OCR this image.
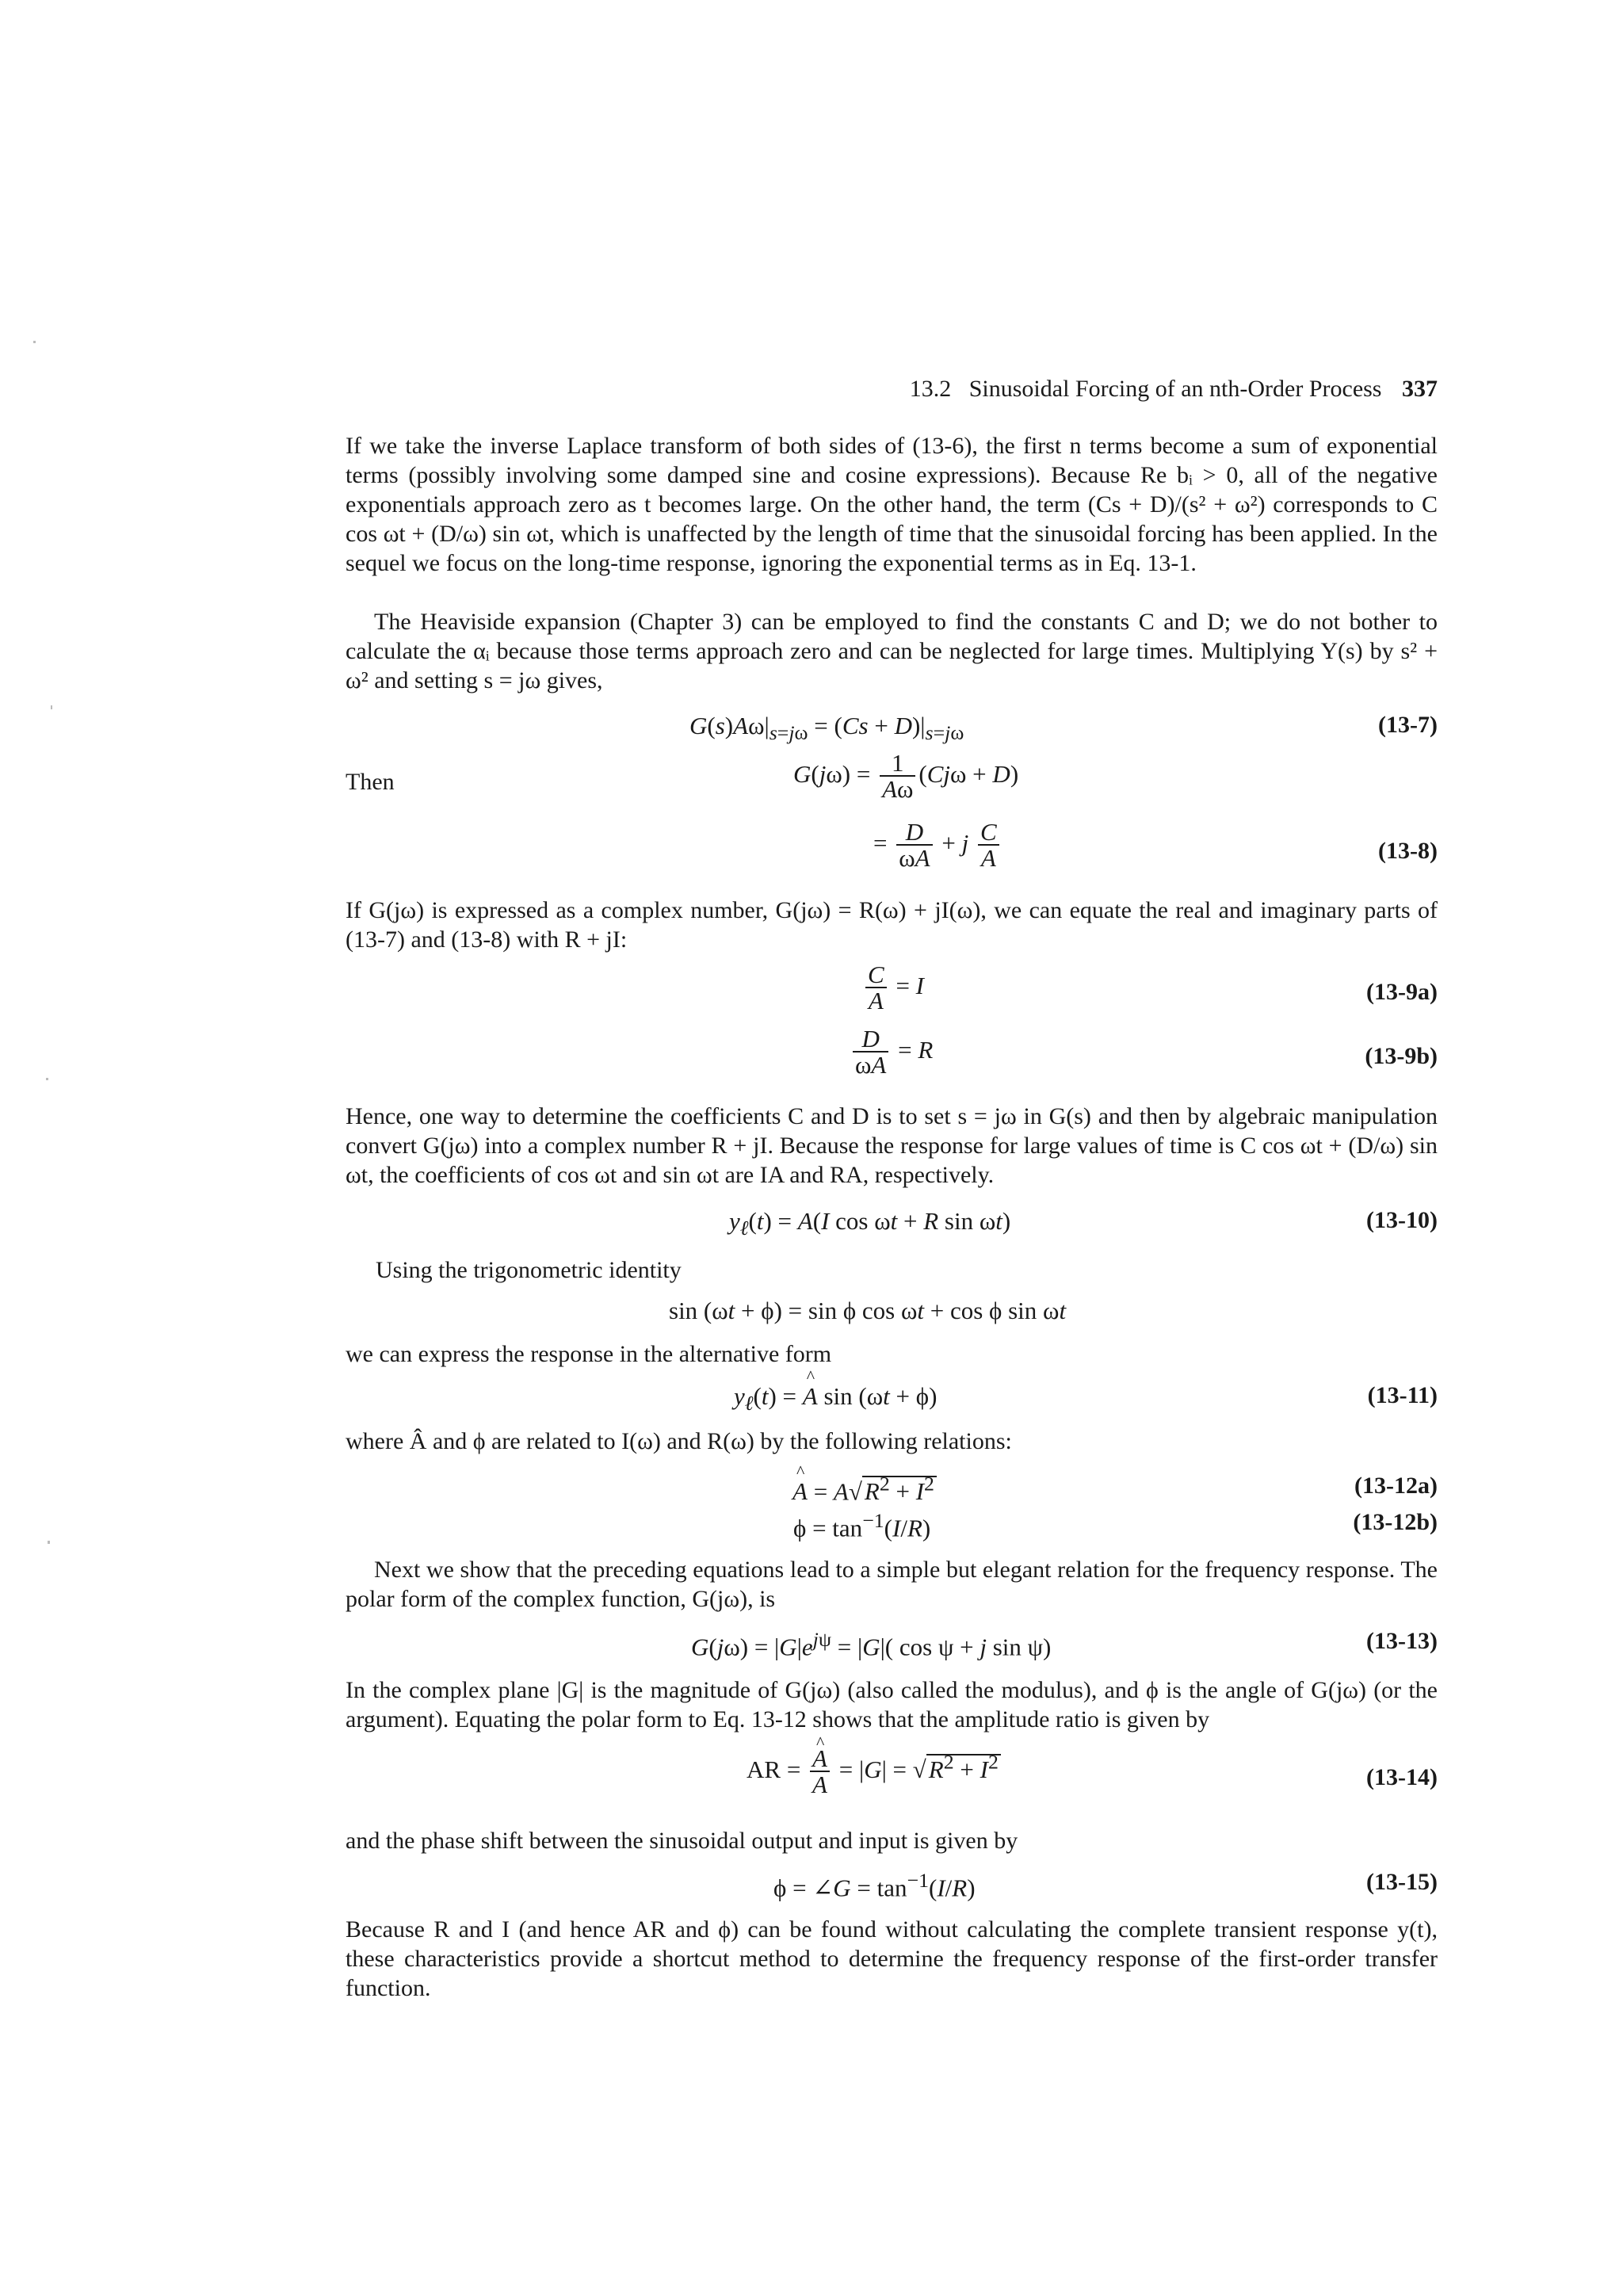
13.2 Sinusoidal Forcing of an nth-Order Process 337
If we take the inverse Laplace transform of both sides of (13-6), the first n terms become a sum of exponential terms (possibly involving some damped sine and cosine expressions). Because Re bᵢ > 0, all of the negative exponentials approach zero as t becomes large. On the other hand, the term (Cs + D)/(s² + ω²) corresponds to C cos ωt + (D/ω) sin ωt, which is unaffected by the length of time that the sinusoidal forcing has been applied. In the sequel we focus on the long-time response, ignoring the exponential terms as in Eq. 13-1.
The Heaviside expansion (Chapter 3) can be employed to find the constants C and D; we do not bother to calculate the αᵢ because those terms approach zero and can be neglected for large times. Multiplying Y(s) by s² + ω² and setting s = jω gives,
$G(s)A\omega|_{s=j\omega} = (Cs + D)|_{s=j\omega}$	(13-7)
Then	$G(j\omega) = \frac{1}{A\omega} (Cj\omega + D)$
= $\frac{D}{\omega A} + j \frac{C}{A}$	(13-8)
If G(jω) is expressed as a complex number, G(jω) = R(ω) + jI(ω), we can equate the real and imaginary parts of (13-7) and (13-8) with R + jI:
$\frac{C}{A} = I$	(13-9a)
$\frac{D}{\omega A} = R$	(13-9b)
Hence, one way to determine the coefficients C and D is to set s = jω in G(s) and then by algebraic manipulation convert G(jω) into a complex number R + jI. Because the response for large values of time is C cos ωt + (D/ω) sin ωt, the coefficients of cos ωt and sin ωt are IA and RA, respectively.
$y_\ell(t) = A(I$ cos ωt + R sin ωt)	(13-10)
Using the trigonometric identity
sin (ωt + ϕ) = sin ϕ cos ωt + cos ϕ sin ωt
we can express the response in the alternative form
$y_\ell(t)$ = ^ A sin (ωt + ϕ)	(13-11)
where Â and ϕ are related to I(ω) and R(ω) by the following relations:
^ $A = A√R^2 + I^2$	(13-12a)
$\phi = \tan^{-1}(I/R)$	(13-12b)
Next we show that the preceding equations lead to a simple but elegant relation for the frequency response. The polar form of the complex function, G(jω), is
$G(j\omega) = |G|e^{j\psi} = |G|$( cos ψ + j sin ψ)	(13-13)
In the complex plane |G| is the magnitude of G(jω) (also called the modulus), and ϕ is the angle of G(jω) (or the argument). Equating the polar form to Eq. 13-12 shows that the amplitude ratio is given by
AR =
^ $\frac{A}{A} = |G| = √R^2 + I^2$
(13-14)
and the phase shift between the sinusoidal output and input is given by
ϕ = ∠G = $\tan^{-1}(I/R)$	(13-15)
Because R and I (and hence AR and ϕ) can be found without calculating the complete transient response y(t), these characteristics provide a shortcut method to determine the frequency response of the first-order transfer function.
